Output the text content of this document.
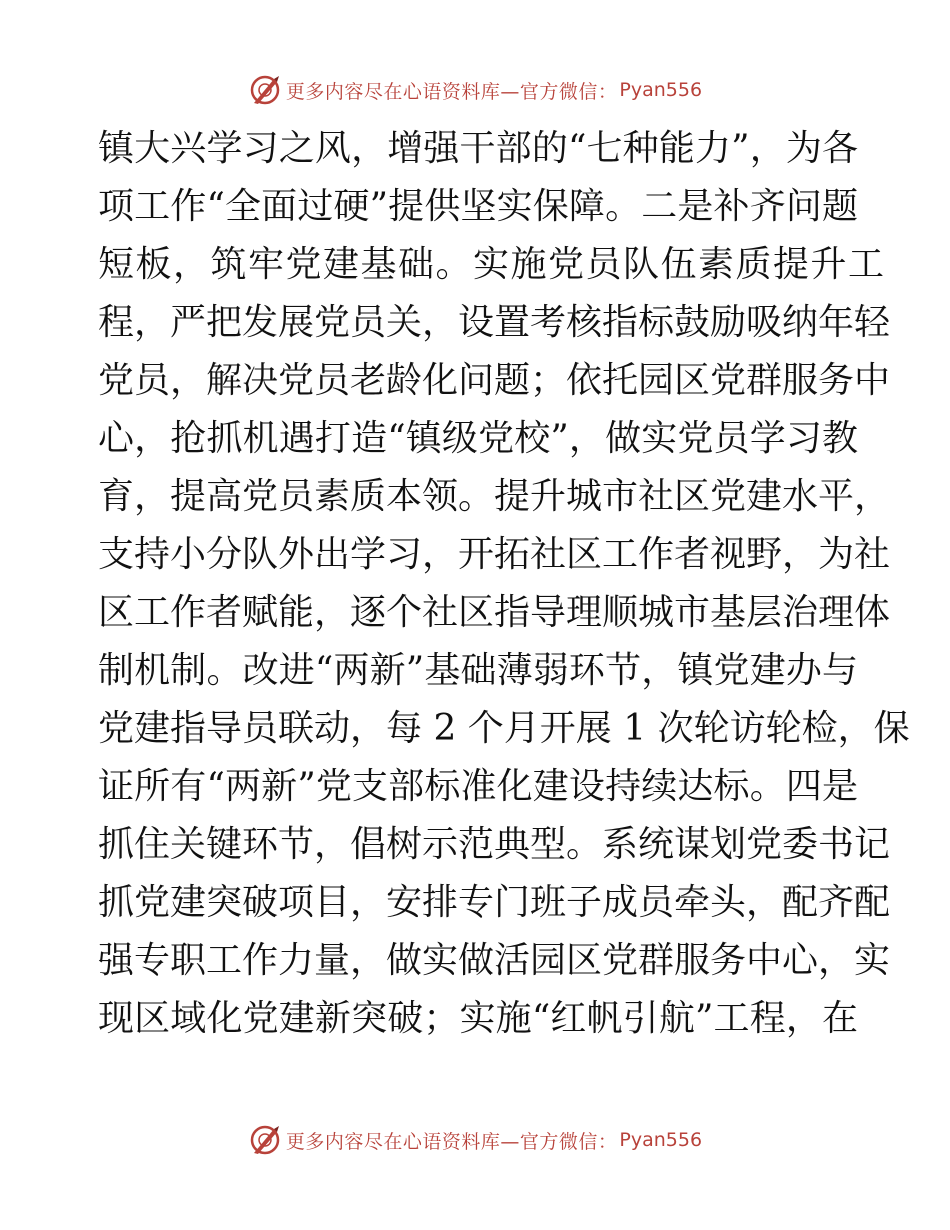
更多内容尽在心语资料库—官方微信： Pyan556
镇大兴学习之风，增强干部的“七种能力”，为各
项工作“全面过硬”提供坚实保障。二是补齐问题
短板，筑牢党建基础。实施党员队伍素质提升工
程，严把发展党员关，设置考核指标鼓励吸纳年轻
党员，解决党员老龄化问题；依托园区党群服务中
心，抢抓机遇打造“镇级党校”，做实党员学习教
育，提高党员素质本领。提升城市社区党建水平，
支持小分队外出学习，开拓社区工作者视野，为社
区工作者赋能，逐个社区指导理顺城市基层治理体
制机制。改进“两新”基础薄弱环节，镇党建办与
党建指导员联动，每 2 个月开展 1 次轮访轮检，保
证所有“两新”党支部标准化建设持续达标。四是
抓住关键环节，倡树示范典型。系统谋划党委书记
抓党建突破项目，安排专门班子成员牵头，配齐配
强专职工作力量，做实做活园区党群服务中心，实
现区域化党建新突破；实施“红帆引航”工程，在
更多内容尽在心语资料库—官方微信： Pyan556
